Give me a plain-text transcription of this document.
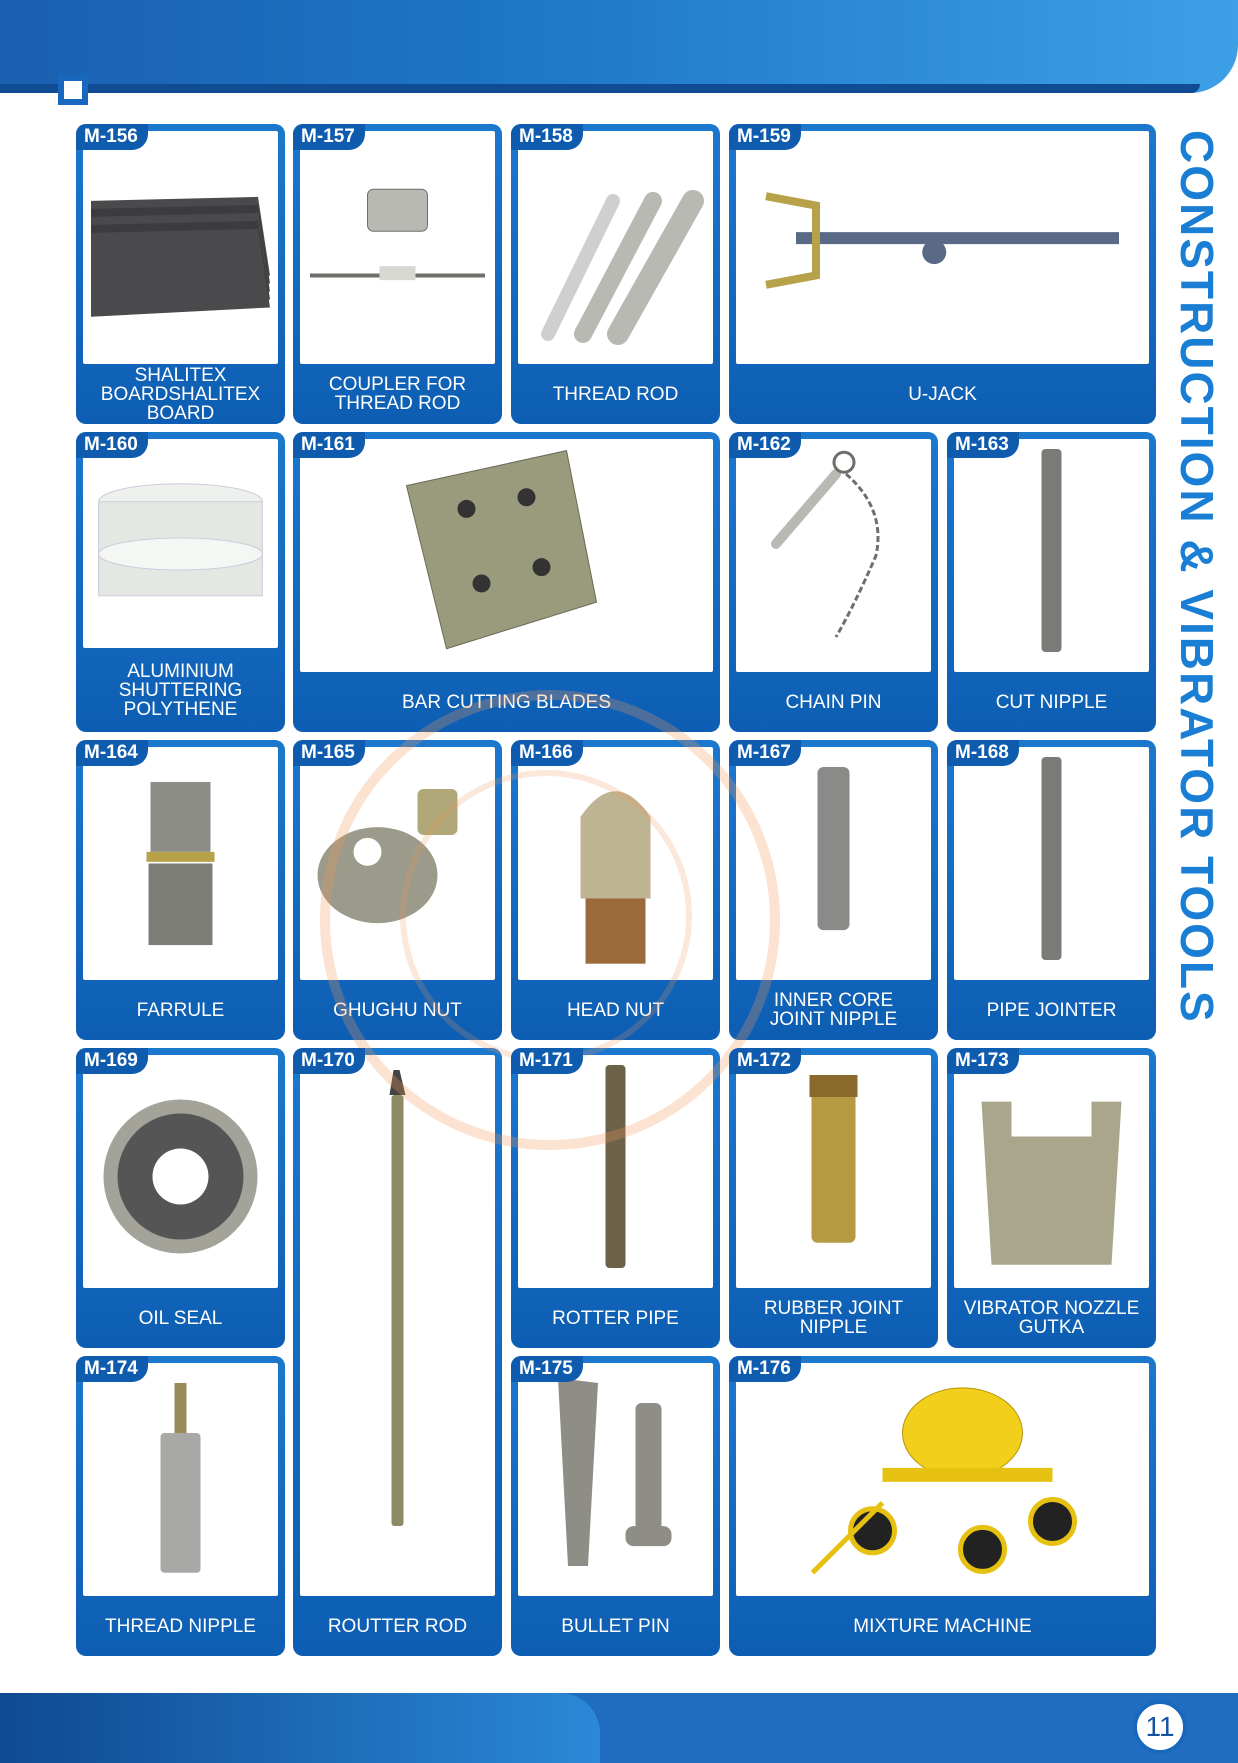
CONSTRUCTION & VIBRATOR TOOLS
M-156
SHALITEX
BOARDSHALITEX BOARD
M-157
COUPLER FOR
THREAD ROD
M-158
THREAD ROD
M-159
U-JACK
M-160
ALUMINIUM
SHUTTERING
POLYTHENE
M-161
BAR CUTTING BLADES
M-162
CHAIN PIN
M-163
CUT NIPPLE
M-164
FARRULE
M-165
GHUGHU NUT
M-166
HEAD NUT
M-167
INNER CORE
JOINT NIPPLE
M-168
PIPE JOINTER
M-169
OIL SEAL
M-170
ROUTTER ROD
M-171
ROTTER PIPE
M-172
RUBBER JOINT
NIPPLE
M-173
VIBRATOR NOZZLE
GUTKA
M-174
THREAD NIPPLE
M-175
BULLET PIN
M-176
MIXTURE MACHINE
11
